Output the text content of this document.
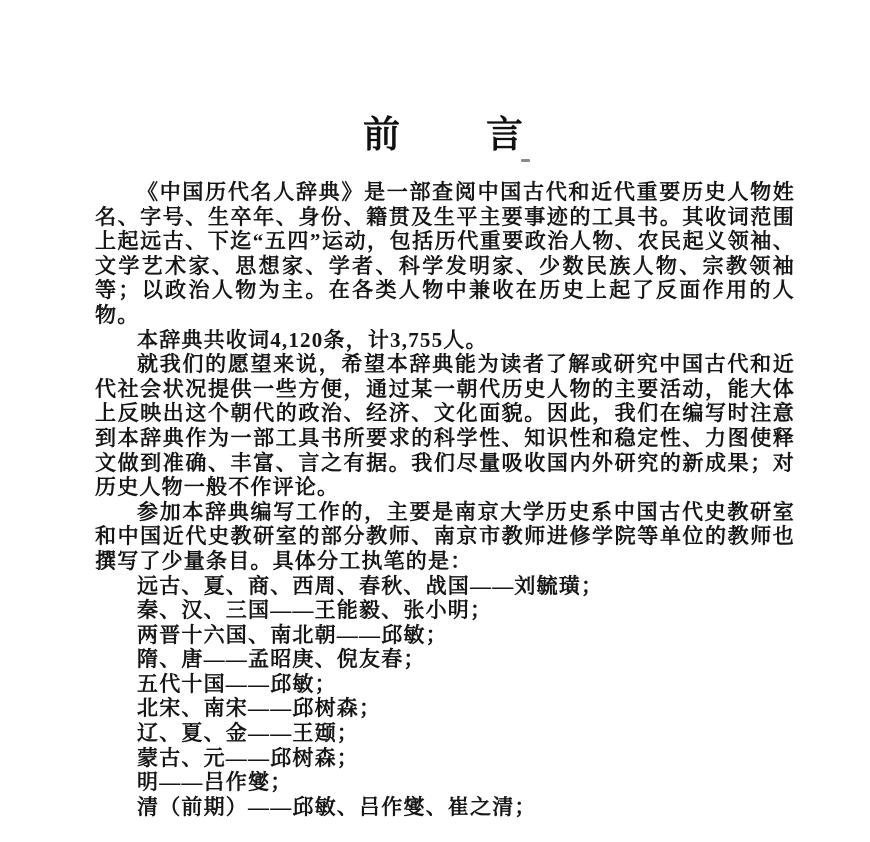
前　　言

《中国历代名人辞典》是一部查阅中国古代和近代重要历史人物姓名、字号、生卒年、身份、籍贯及生平主要事迹的工具书。其收词范围上起远古、下迄“五四”运动，包括历代重要政治人物、农民起义领袖、文学艺术家、思想家、学者、科学发明家、少数民族人物、宗教领袖等；以政治人物为主。在各类人物中兼收在历史上起了反面作用的人物。

本辞典共收词4,120条，计3,755人。

就我们的愿望来说，希望本辞典能为读者了解或研究中国古代和近代社会状况提供一些方便，通过某一朝代历史人物的主要活动，能大体上反映出这个朝代的政治、经济、文化面貌。因此，我们在编写时注意到本辞典作为一部工具书所要求的科学性、知识性和稳定性、力图使释文做到准确、丰富、言之有据。我们尽量吸收国内外研究的新成果；对历史人物一般不作评论。

参加本辞典编写工作的，主要是南京大学历史系中国古代史教研室和中国近代史教研室的部分教师、南京市教师进修学院等单位的教师也撰写了少量条目。具体分工执笔的是：

远古、夏、商、西周、春秋、战国——刘毓璜；

秦、汉、三国——王能毅、张小明；

两晋十六国、南北朝——邱敏；

隋、唐——孟昭庚、倪友春；

五代十国——邱敏；

北宋、南宋——邱树森；

辽、夏、金——王颋；

蒙古、元——邱树森；

明——吕作燮；

清（前期）——邱敏、吕作燮、崔之清；
